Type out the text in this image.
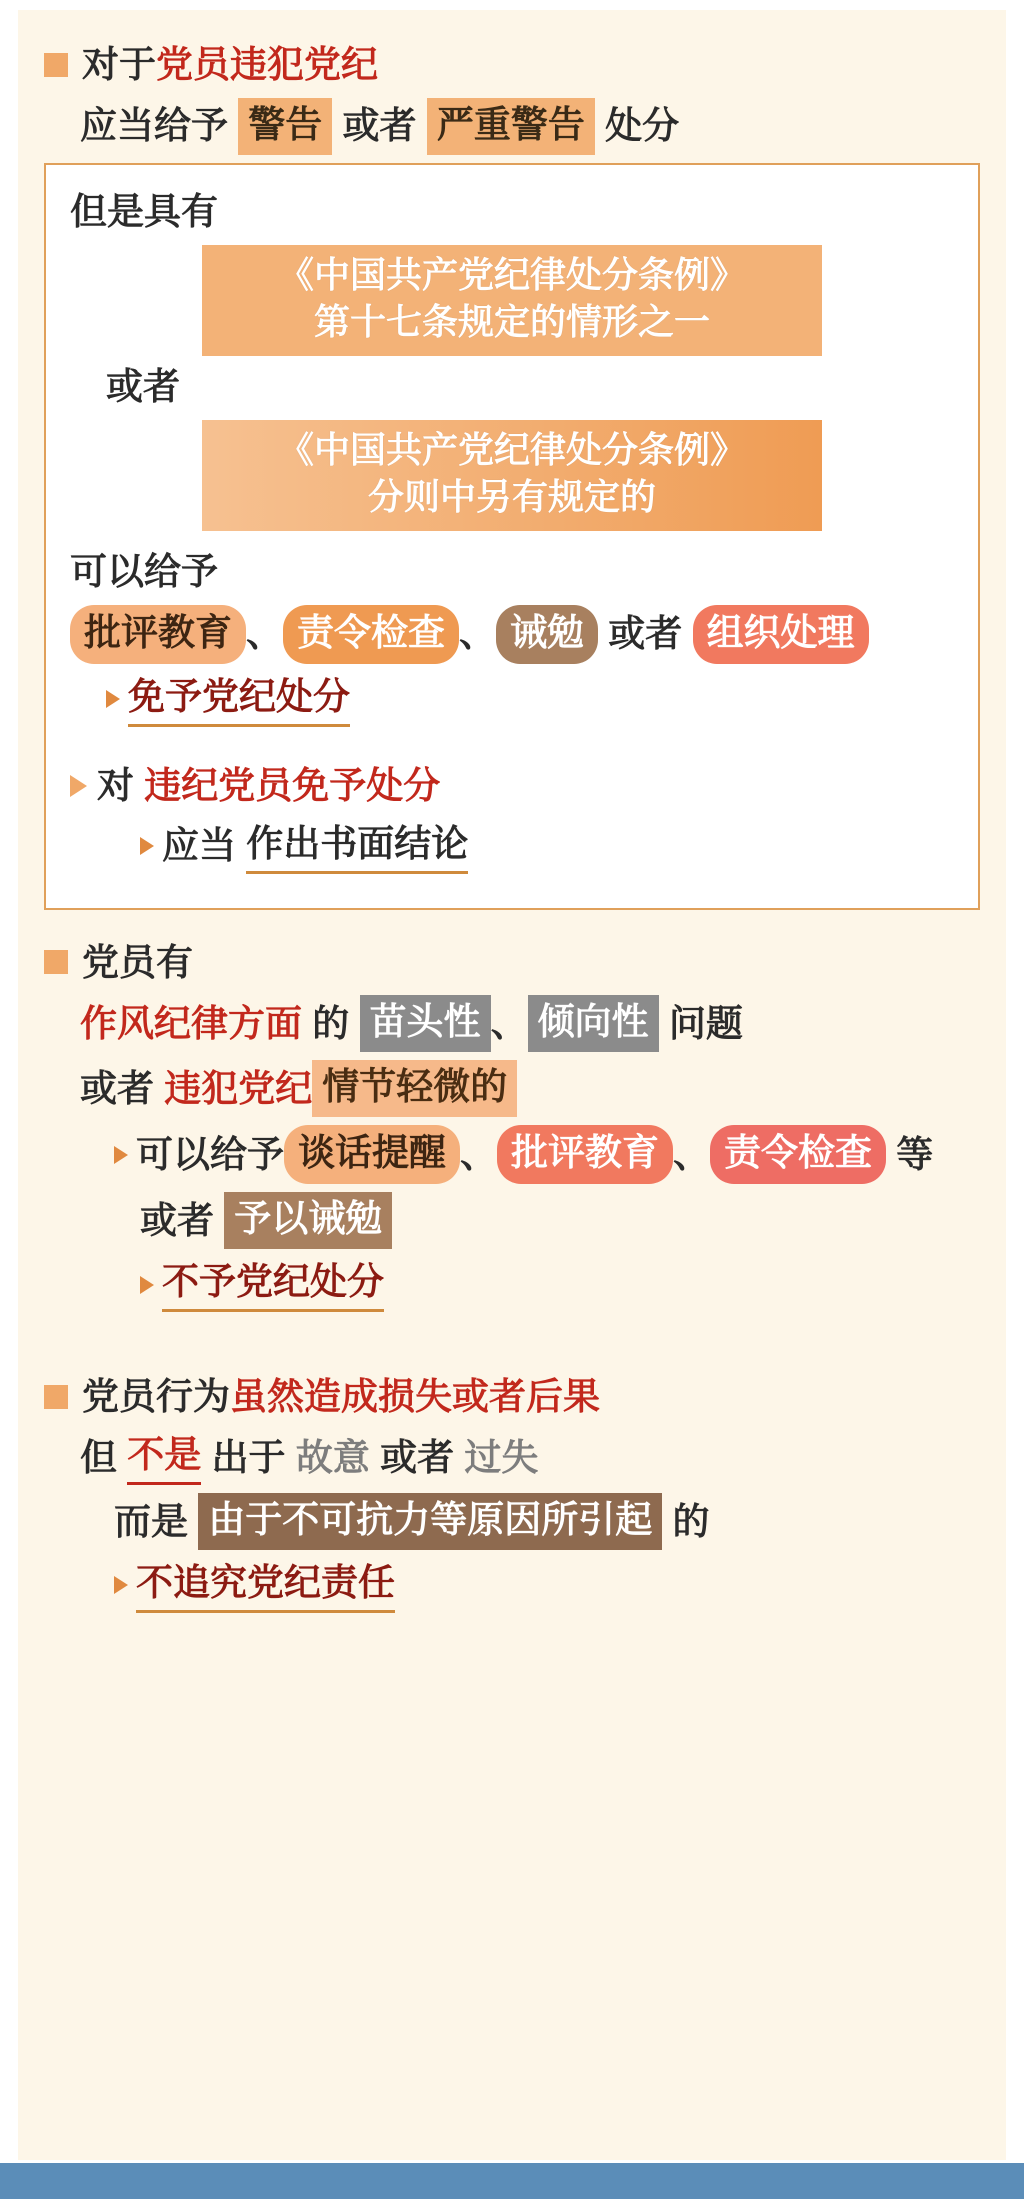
对于 党员违犯党纪
应当给予 警告 或者 严重警告 处分
但是具有
《中国共产党纪律处分条例》
第十七条规定的情形之一
或者
《中国共产党纪律处分条例》
分则中另有规定的
可以给予
批评教育 、 责令检查 、 诫勉 或者 组织处理
免予党纪处分
对 违纪党员免予处分
应当 作出书面结论
党员有
作风纪律方面 的 苗头性 、 倾向性 问题
或者 违犯党纪 情节轻微的
可以给予 谈话提醒 、 批评教育 、 责令检查 等
或者 予以诫勉
不予党纪处分
党员行为 虽然造成损失或者后果
但 不是 出于 故意 或者 过失
而是 由于不可抗力等原因所引起 的
不追究党纪责任
